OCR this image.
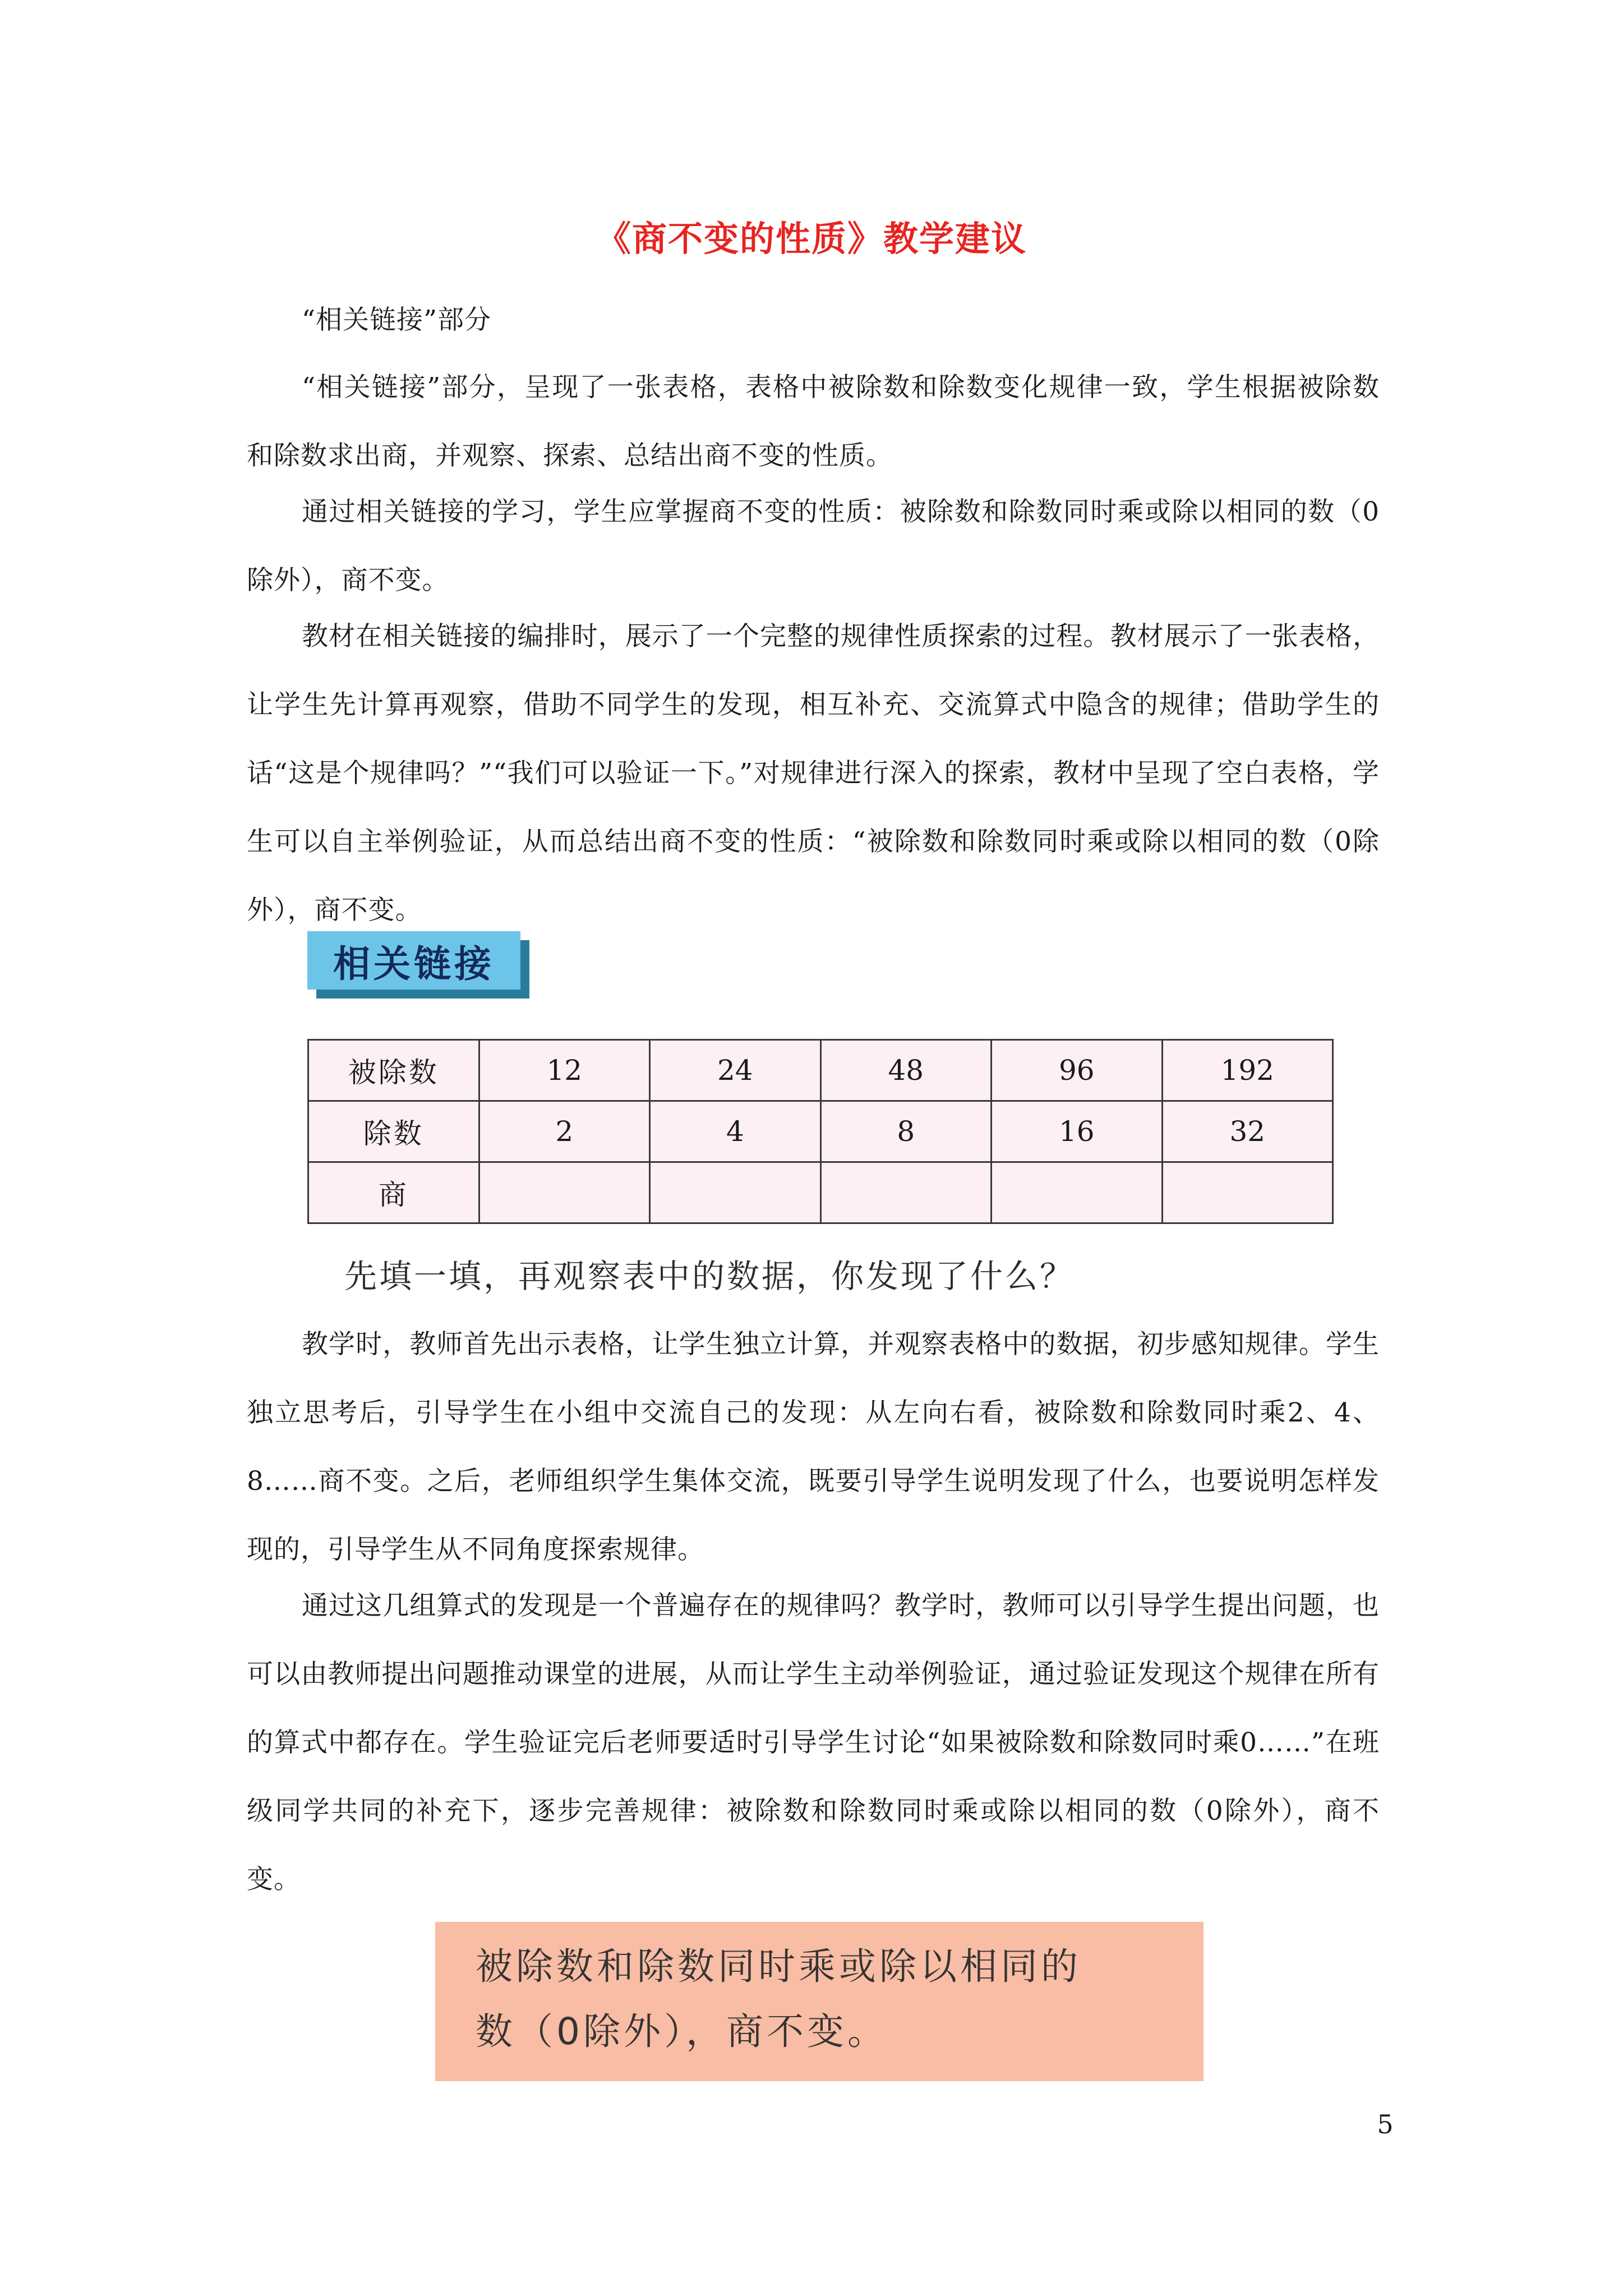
《商不变的性质》教学建议

“相关链接”部分

“相关链接”部分，呈现了一张表格，表格中被除数和除数变化规律一致，学生根据被除数和除数求出商，并观察、探索、总结出商不变的性质。

通过相关链接的学习，学生应掌握商不变的性质：被除数和除数同时乘或除以相同的数（0除外），商不变。

教材在相关链接的编排时，展示了一个完整的规律性质探索的过程。教材展示了一张表格，让学生先计算再观察，借助不同学生的发现，相互补充、交流算式中隐含的规律；借助学生的话“这是个规律吗？”“我们可以验证一下。”对规律进行深入的探索，教材中呈现了空白表格，学生可以自主举例验证，从而总结出商不变的性质：“被除数和除数同时乘或除以相同的数（0除外），商不变。

相关链接
被除数	12	24	48	96	192
除数	2	4	8	16	32
商					
先填一填，再观察表中的数据，你发现了什么？

教学时，教师首先出示表格，让学生独立计算，并观察表格中的数据，初步感知规律。学生独立思考后，引导学生在小组中交流自己的发现：从左向右看，被除数和除数同时乘2、4、8……商不变。之后，老师组织学生集体交流，既要引导学生说明发现了什么，也要说明怎样发现的，引导学生从不同角度探索规律。

通过这几组算式的发现是一个普遍存在的规律吗？教学时，教师可以引导学生提出问题，也可以由教师提出问题推动课堂的进展，从而让学生主动举例验证，通过验证发现这个规律在所有的算式中都存在。学生验证完后老师要适时引导学生讨论“如果被除数和除数同时乘0……”在班级同学共同的补充下，逐步完善规律：被除数和除数同时乘或除以相同的数（0除外），商不变。

被除数和除数同时乘或除以相同的
数（0除外），商不变。
5
